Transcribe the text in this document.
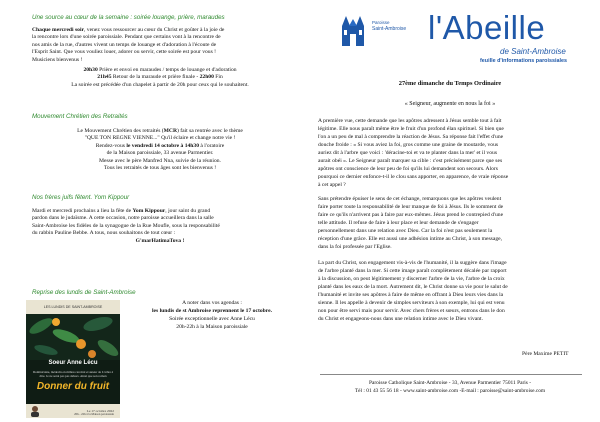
Une source au cœur de la semaine : soirée louange, prière, maraudes
Chaque mercredi soir, venez vous ressourcer au cœur du Christ et goûter à la joie de
la rencontre lors d'une soirée paroissiale. Pendant que certains vont à la rencontre de
nos amis de la rue, d'autres vivent un temps de louange et d'adoration à l'écoute de
l'Esprit Saint. Que vous vouliez louer, adorer ou servir, cette soirée est pour vous !
Musiciens bienvenus !
20h30 Prière et envoi en maraudes / temps de louange et d'adoration
21h45 Retour de la maraude et prière finale - 22h00 Fin
La soirée est précédée d'un chapelet à partir de 20h pour ceux qui le souhaitent.
Mouvement Chrétien des Retraités
Le Mouvement Chrétien des retraités (MCR) fait sa rentrée avec le thème
"QUE TON REGNE VIENNE..." Qu'il éclaire et change notre vie !
Rendez-vous le vendredi 14 octobre à 14h30 à l'oratoire
de la Maison paroissiale, 33 avenue Parmentier.
Messe avec le père Manfred Nna, suivie de la réunion.
Tous les retraités de tous âges sont les bienvenus !
Nos frères juifs fêtent. Yom Kippour
Mardi et mercredi prochains a lieu la fête de Yom Kippour, jour saint du grand
pardon dans le judaïsme. A cette occasion, notre paroisse accueillera dans la salle
Saint-Ambroise les fidèles de la synagogue de la Rue Moufle, sous la responsabilité
du rabbin Pauline Bebbe. A tous, nous souhaitons de tout cœur :
G'marHatimaTova !
Reprise des lundis de Saint-Ambroise
LES LUNDIS DE SAINT-AMBROISE
Soeur Anne Lécu
Dominicaine, médecin en milieu carcéral et auteur de L'arbre à dire. Je ne serai pas pas dehors. Ainsi que son roman
Donner du fruit
Le 17 octobre 2022
20h - 22h à la Maison paroissiale
A noter dans vos agendas :
les lundis de st Ambroise reprennent le 17 octobre.
Soirée exceptionnelle avec Anne Lécu
20h-22h à la Maison paroissiale
Paroisse
Saint-Ambroise l'Abeille
de Saint-Ambroise
feuille d'informations paroissiales
27ème dimanche du Temps Ordinaire
« Seigneur, augmente en nous la foi »
A première vue, cette demande que les apôtres adressent à Jésus semble tout à fait
légitime. Elle nous paraît même être le fruit d'un profond élan spirituel. Si bien que
l'on a un peu de mal à comprendre la réaction de Jésus. Sa réponse fait l'effet d'une
douche froide : « Si vous aviez la foi, gros comme une graine de moutarde, vous
auriez dit à l'arbre que voici : 'déracine-toi et va te planter dans la mer' et il vous
aurait obéi ». Le Seigneur paraît marquer sa cible : c'est précisément parce que ses
apôtres ont conscience de leur peu de foi qu'ils lui demandent son secours. Alors
pourquoi ce dernier enfonce-t-il le clou sans apporter, en apparence, de vraie réponse
à cet appel ?
Sans prétendre épuiser le sens de cet échange, remarquons que les apôtres veulent
faire porter toute la responsabilité de leur manque de foi à Jésus. Ils le somment de
faire ce qu'ils n'arrivent pas à faire par eux-mêmes. Jésus prend le contrepied d'une
telle attitude. Il refuse de faire à leur place et leur demande de s'engager
personnellement dans une relation avec Dieu. Car la foi n'est pas seulement la
réception d'une grâce. Elle est aussi une adhésion intime au Christ, à son message,
dans la foi professée par l'Eglise.
La part du Christ, son engagement vis-à-vis de l'humanité, il la suggère dans l'image
de l'arbre planté dans la mer. Si cette image paraît complètement décalée par rapport
à la discussion, on peut légitimement y discerner l'arbre de la vie, l'arbre de la croix
planté dans les eaux de la mort. Autrement dit, le Christ donne sa vie pour le salut de
l'humanité et invite ses apôtres à faire de même en offrant à Dieu leurs vies dans la
sienne. Il les appelle à devenir de simples serviteurs à son exemple, lui qui est venu
non pour être servi mais pour servir. Avec chers frères et sœurs, entrons dans le don
du Christ et engageons-nous dans une relation intime avec le Dieu vivant.
Père Maxime PETIT
Paroisse Catholique Saint-Ambroise - 33, Avenue Parmentier 75011 Paris -
Tél : 01 43 55 56 18 - www.saint-ambroise.com -E-mail : paroisse@saint-ambroise.com
